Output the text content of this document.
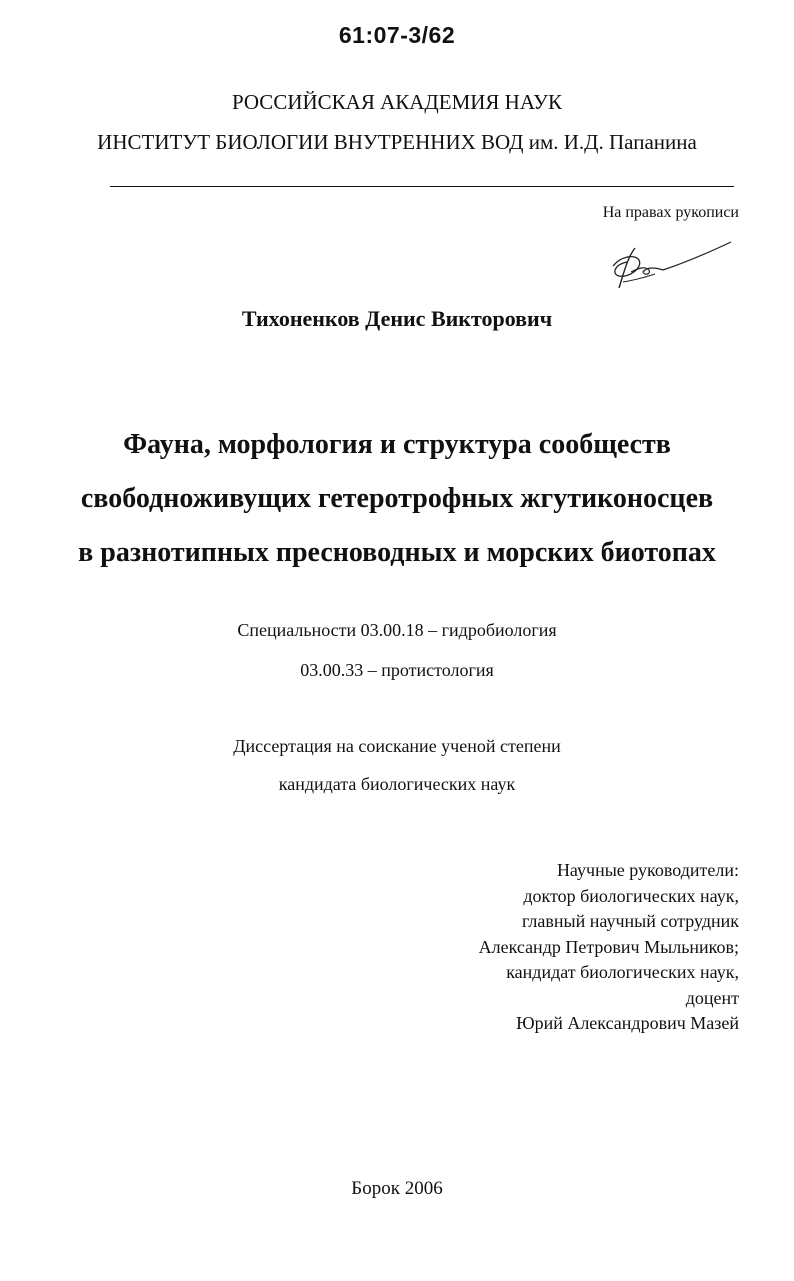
61:07-3/62
РОССИЙСКАЯ АКАДЕМИЯ НАУК
ИНСТИТУТ БИОЛОГИИ ВНУТРЕННИХ ВОД им. И.Д. Папанина
На правах рукописи
Тихоненков Денис Викторович
Фауна, морфология и структура сообществ
свободноживущих гетеротрофных жгутиконосцев
в разнотипных пресноводных и морских биотопах
Специальности 03.00.18 – гидробиология
03.00.33 – протистология
Диссертация на соискание ученой степени
кандидата биологических наук
Научные руководители:
доктор биологических наук,
главный научный сотрудник
Александр Петрович Мыльников;
кандидат биологических наук,
доцент
Юрий Александрович Мазей
Борок 2006
